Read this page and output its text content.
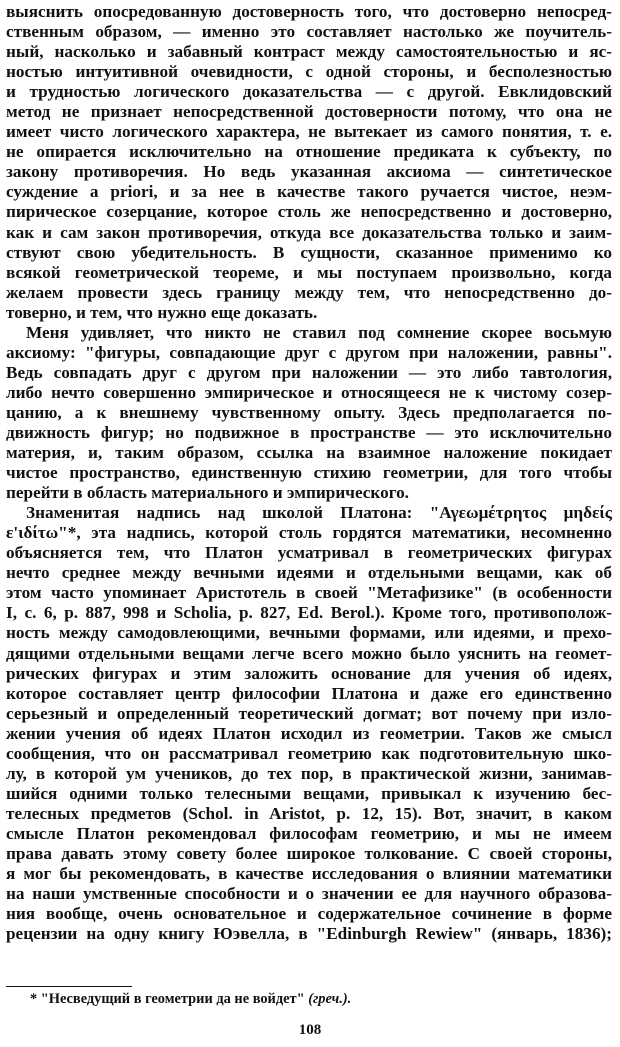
выяснить опосредованную достоверность того, что достоверно непосред-
ственным образом, — именно это составляет настолько же поучитель-
ный, насколько и забавный контраст между самостоятельностью и яс-
ностью интуитивной очевидности, с одной стороны, и бесполезностью
и трудностью логического доказательства — с другой. Евклидовский
метод не признает непосредственной достоверности потому, что она не
имеет чисто логического характера, не вытекает из самого понятия, т. е.
не опирается исключительно на отношение предиката к субъекту, по
закону противоречия. Но ведь указанная аксиома — синтетическое
суждение a priori, и за нее в качестве такого ручается чистое, неэм-
пирическое созерцание, которое столь же непосредственно и достоверно,
как и сам закон противоречия, откуда все доказательства только и заим-
ствуют свою убедительность. В сущности, сказанное применимо ко
всякой геометрической теореме, и мы поступаем произвольно, когда
желаем провести здесь границу между тем, что непосредственно до-
товерно, и тем, что нужно еще доказать.
Меня удивляет, что никто не ставил под сомнение скорее восьмую
аксиому: "фигуры, совпадающие друг с другом при наложении, равны".
Ведь совпадать друг с другом при наложении — это либо тавтология,
либо нечто совершенно эмпирическое и относящееся не к чистому созер-
цанию, а к внешнему чувственному опыту. Здесь предполагается по-
движность фигур; но подвижное в пространстве — это исключительно
материя, и, таким образом, ссылка на взаимное наложение покидает
чистое пространство, единственную стихию геометрии, для того чтобы
перейти в область материального и эмпирического.
Знаменитая надпись над школой Платона: "Αγεωμέτρητος μηδείς
ε'ιδίτω"*, эта надпись, которой столь гордятся математики, несомненно
объясняется тем, что Платон усматривал в геометрических фигурах
нечто среднее между вечными идеями и отдельными вещами, как об
этом часто упоминает Аристотель в своей "Метафизике" (в особенности
I, с. 6, p. 887, 998 и Scholia, p. 827, Ed. Berol.). Кроме того, противополож-
ность между самодовлеющими, вечными формами, или идеями, и прехо-
дящими отдельными вещами легче всего можно было уяснить на геомет-
рических фигурах и этим заложить основание для учения об идеях,
которое составляет центр философии Платона и даже его единственно
серьезный и определенный теоретический догмат; вот почему при изло-
жении учения об идеях Платон исходил из геометрии. Таков же смысл
сообщения, что он рассматривал геометрию как подготовительную шко-
лу, в которой ум учеников, до тех пор, в практической жизни, занимав-
шийся одними только телесными вещами, привыкал к изучению бес-
телесных предметов (Schol. in Aristot, p. 12, 15). Вот, значит, в каком
смысле Платон рекомендовал философам геометрию, и мы не имеем
права давать этому совету более широкое толкование. С своей стороны,
я мог бы рекомендовать, в качестве исследования о влиянии математики
на наши умственные способности и о значении ее для научного образова-
ния вообще, очень основательное и содержательное сочинение в форме
рецензии на одну книгу Юэвелла, в "Edinburgh Rewiew" (январь, 1836);
* "Несведущий в геометрии да не войдет" (греч.).
108
